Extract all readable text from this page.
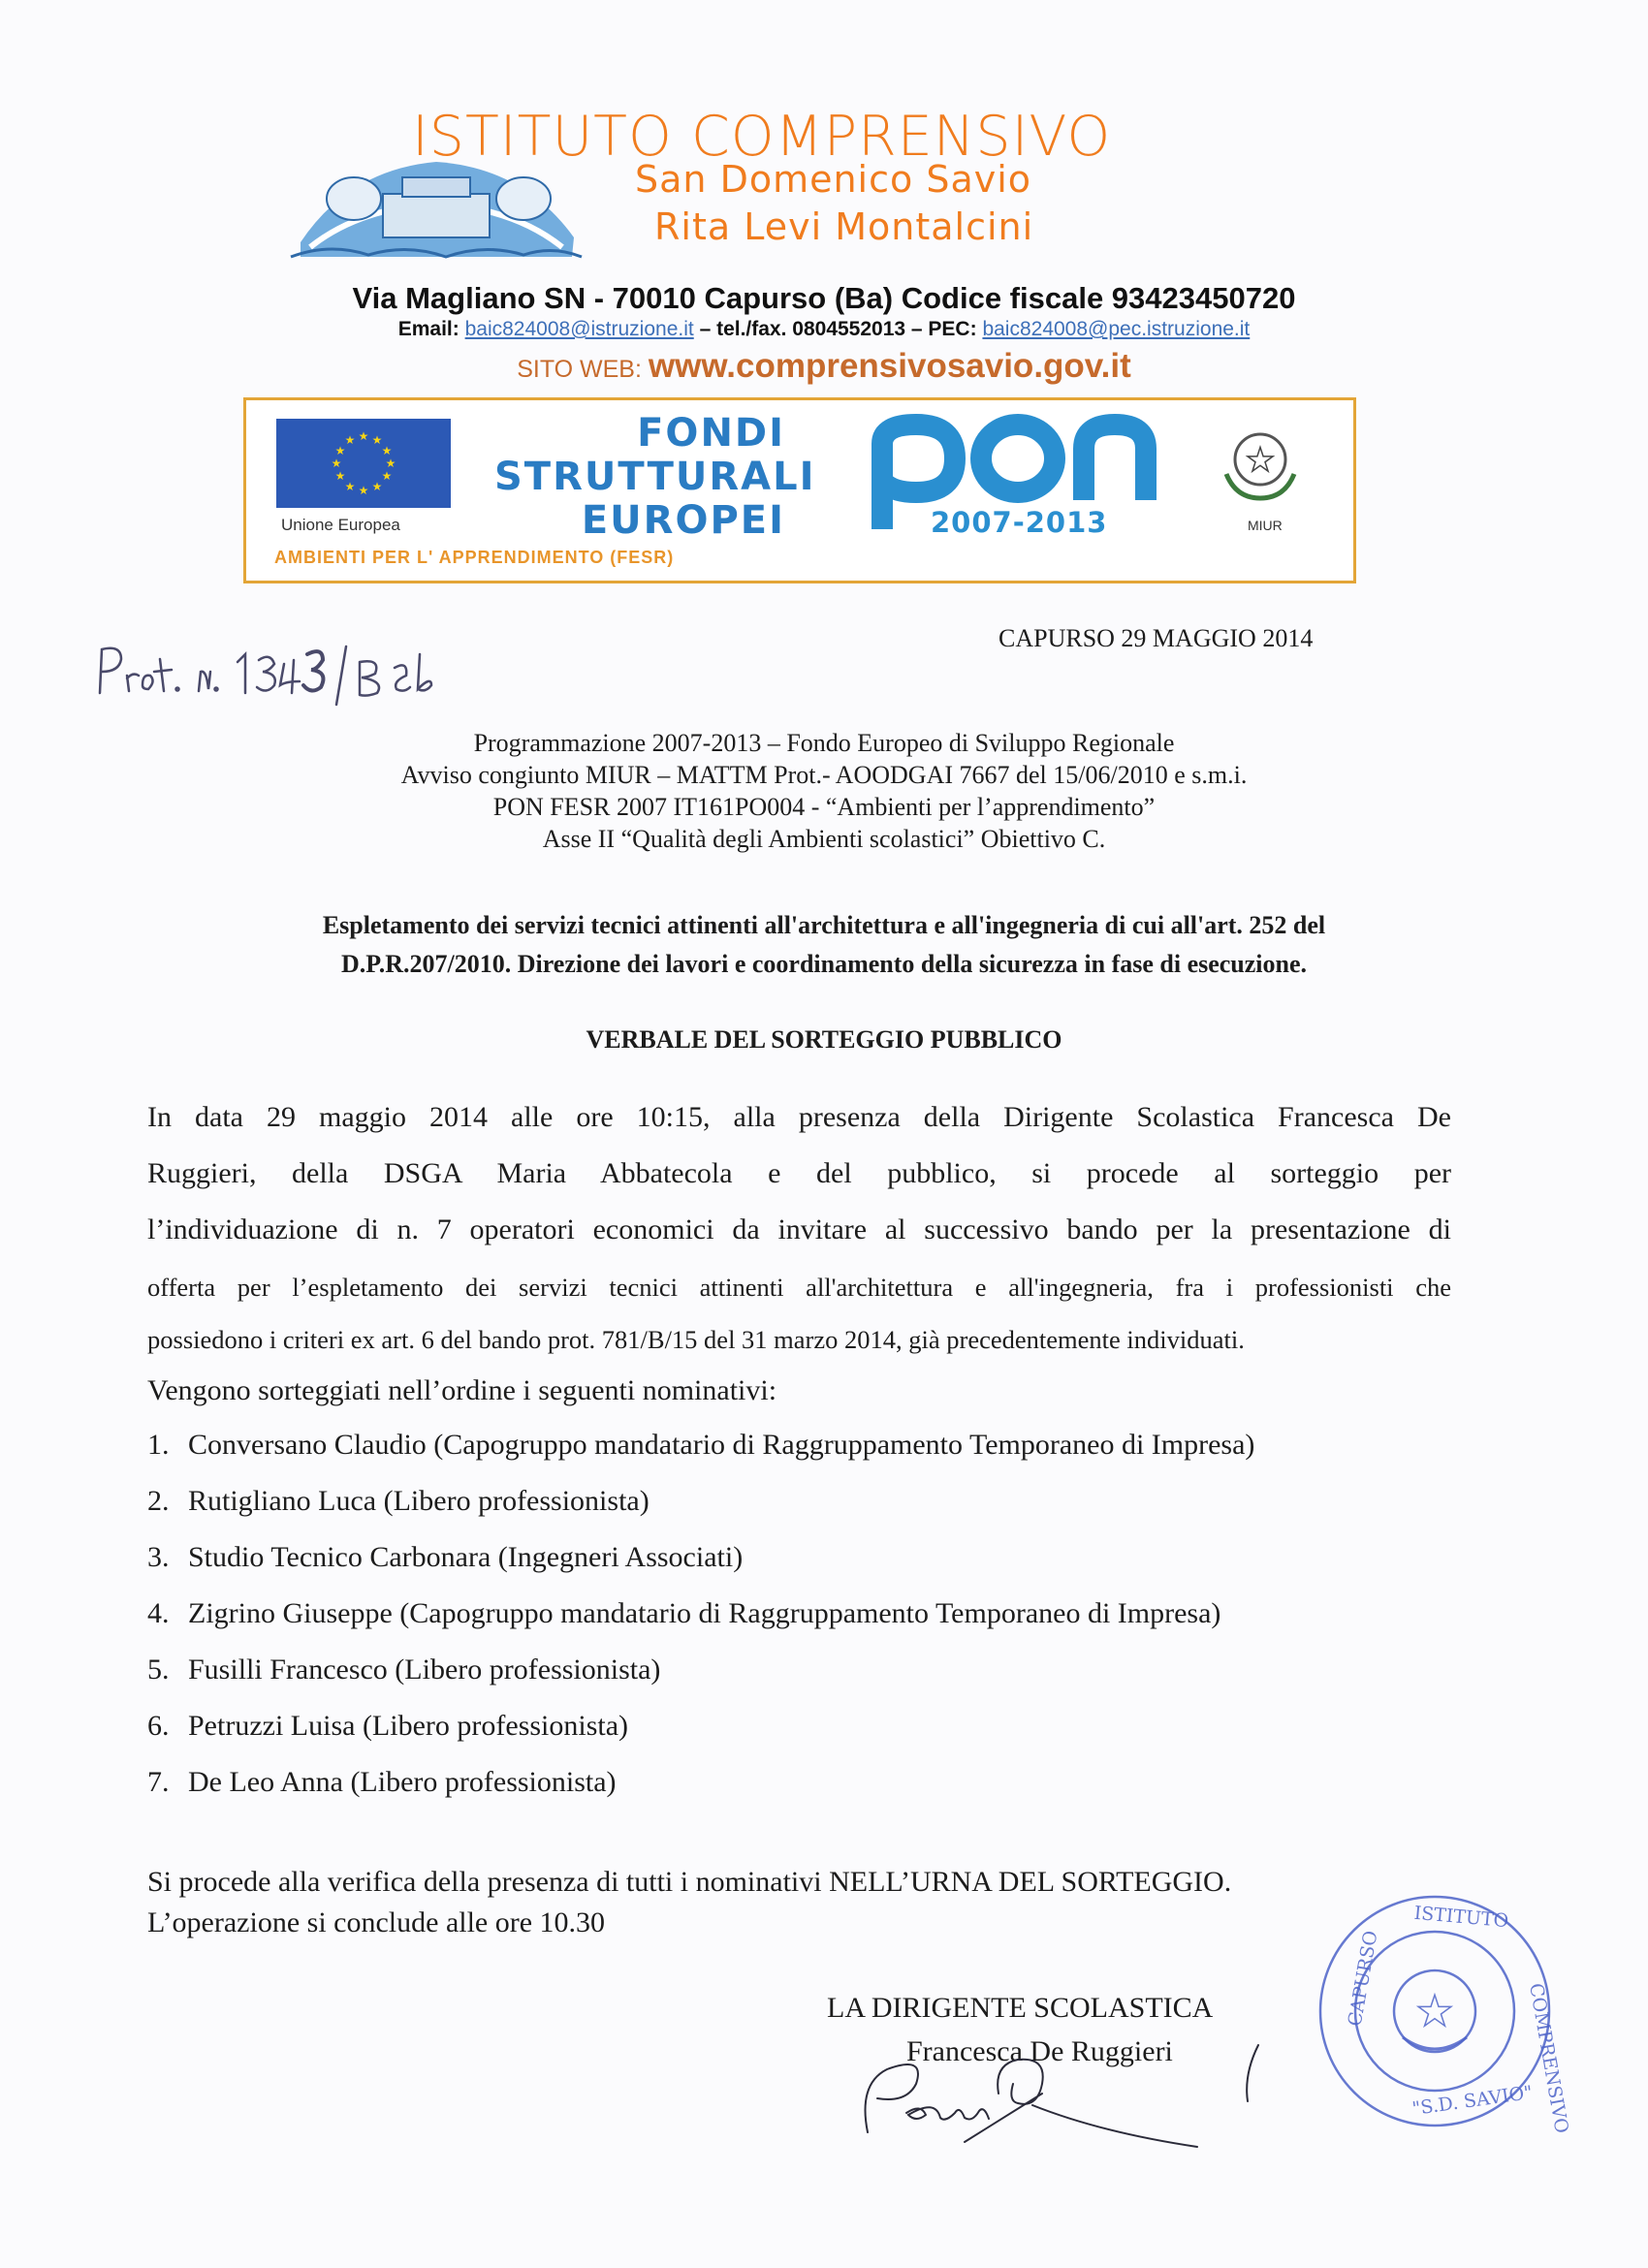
ISTITUTO COMPRENSIVO
San Domenico Savio
Rita Levi Montalcini
Via Magliano SN - 70010 Capurso (Ba) Codice fiscale 93423450720
Email: baic824008@istruzione.it – tel./fax. 0804552013 – PEC: baic824008@pec.istruzione.it
SITO WEB: www.comprensivosavio.gov.it
★ ★
★
★
★
★
★
★
★
★
★
★
Unione Europea
FONDI
STRUTTURALI
EUROPEI	2007-2013
★
MIUR
AMBIENTI PER L' APPRENDIMENTO (FESR)
CAPURSO 29 MAGGIO 2014
Programmazione 2007-2013 – Fondo Europeo di Sviluppo Regionale
Avviso congiunto MIUR – MATTM Prot.- AOODGAI 7667 del 15/06/2010 e s.m.i.
PON FESR 2007 IT161PO004 - “Ambienti per l’apprendimento”
Asse II “Qualità degli Ambienti scolastici” Obiettivo C.
Espletamento dei servizi tecnici attinenti all'architettura e all'ingegneria di cui all'art. 252 del
D.P.R.207/2010. Direzione dei lavori e coordinamento della sicurezza in fase di esecuzione.
VERBALE DEL SORTEGGIO PUBBLICO
In data 29 maggio 2014 alle ore 10:15, alla presenza della Dirigente Scolastica Francesca De
Ruggieri, della DSGA Maria Abbatecola e del pubblico, si procede al sorteggio per
l’individuazione di n. 7 operatori economici da invitare al successivo bando per la presentazione di
offerta per l’espletamento dei servizi tecnici attinenti all'architettura e all'ingegneria, fra i professionisti che
possiedono i criteri ex art. 6 del bando prot. 781/B/15 del 31 marzo 2014, già precedentemente individuati.
Vengono sorteggiati nell’ordine i seguenti nominativi:
1. Conversano Claudio (Capogruppo mandatario di Raggruppamento Temporaneo di Impresa)
2. Rutigliano Luca (Libero professionista)
3. Studio Tecnico Carbonara (Ingegneri Associati)
4. Zigrino Giuseppe (Capogruppo mandatario di Raggruppamento Temporaneo di Impresa)
5. Fusilli Francesco (Libero professionista)
6. Petruzzi Luisa (Libero professionista)
7. De Leo Anna (Libero professionista)
Si procede alla verifica della presenza di tutti i nominativi NELL’URNA DEL SORTEGGIO.
L’operazione si conclude alle ore 10.30
LA DIRIGENTE SCOLASTICA
Francesca De Ruggieri
★
ISTITUTO
COMPRENSIVO
"S.D. SAVIO"
CAPURSO
